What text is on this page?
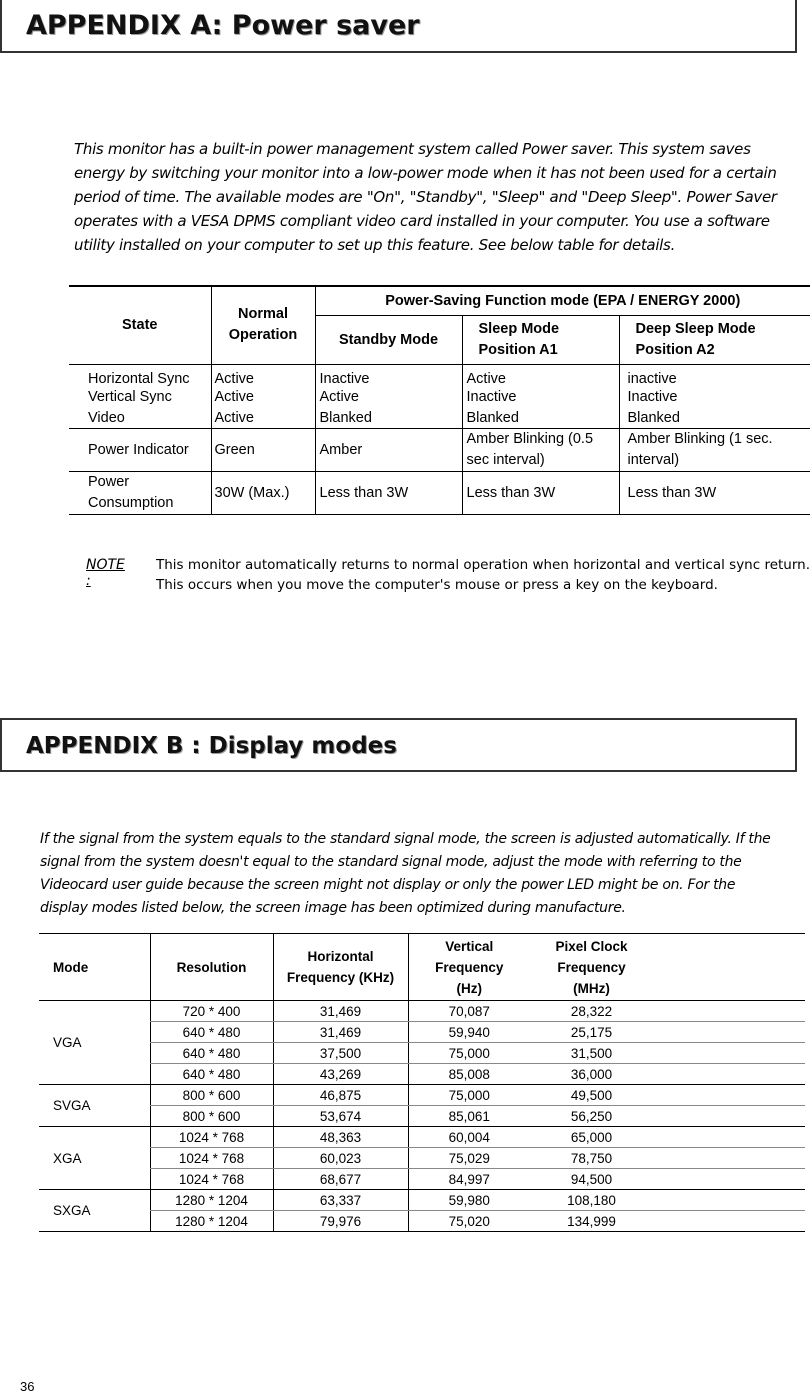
APPENDIX A: Power saver

This monitor has a built-in power management system called Power saver. This system saves energy by switching your monitor into a low-power mode when it has not been used for a certain period of time. The available modes are "On", "Standby", "Sleep" and "Deep Sleep". Power Saver operates with a VESA DPMS compliant video card installed in your computer. You use a software utility installed on your computer to set up this feature. See below table for details.

State	Normal Operation	Power-Saving Function mode (EPA / ENERGY 2000)		
		Standby Mode	Sleep Mode Position A1	Deep Sleep Mode Position A2
Horizontal Sync	Active	Inactive	Active	inactive
Vertical Sync	Active	Active	Inactive	Inactive
Video	Active	Blanked	Blanked	Blanked
Power Indicator	Green	Amber	Amber Blinking (0.5 sec interval)	Amber Blinking (1 sec. interval)
Power Consumption	30W (Max.)	Less than 3W	Less than 3W	Less than 3W
NOTE :
This monitor automatically returns to normal operation when horizontal and vertical sync return.
This occurs when you move the computer's mouse or press a key on the keyboard.
APPENDIX B : Display modes

If the signal from the system equals to the standard signal mode, the screen is adjusted automatically. If the signal from the system doesn't equal to the standard signal mode, adjust the mode with referring to the Videocard user guide because the screen might not display or only the power LED might be on. For the display modes listed below, the screen image has been optimized during manufacture.

Mode	Resolution	Horizontal Frequency (KHz)	Vertical Frequency (Hz)	Pixel Clock Frequency (MHz)	
VGA	720 * 400	31,469	70,087	28,322	
	640 * 480	31,469	59,940	25,175	
	640 * 480	37,500	75,000	31,500	
	640 * 480	43,269	85,008	36,000	
SVGA	800 * 600	46,875	75,000	49,500	
	800 * 600	53,674	85,061	56,250	
XGA	1024 * 768	48,363	60,004	65,000	
	1024 * 768	60,023	75,029	78,750	
	1024 * 768	68,677	84,997	94,500	
SXGA	1280 * 1204	63,337	59,980	108,180	
	1280 * 1204	79,976	75,020	134,999	
36
